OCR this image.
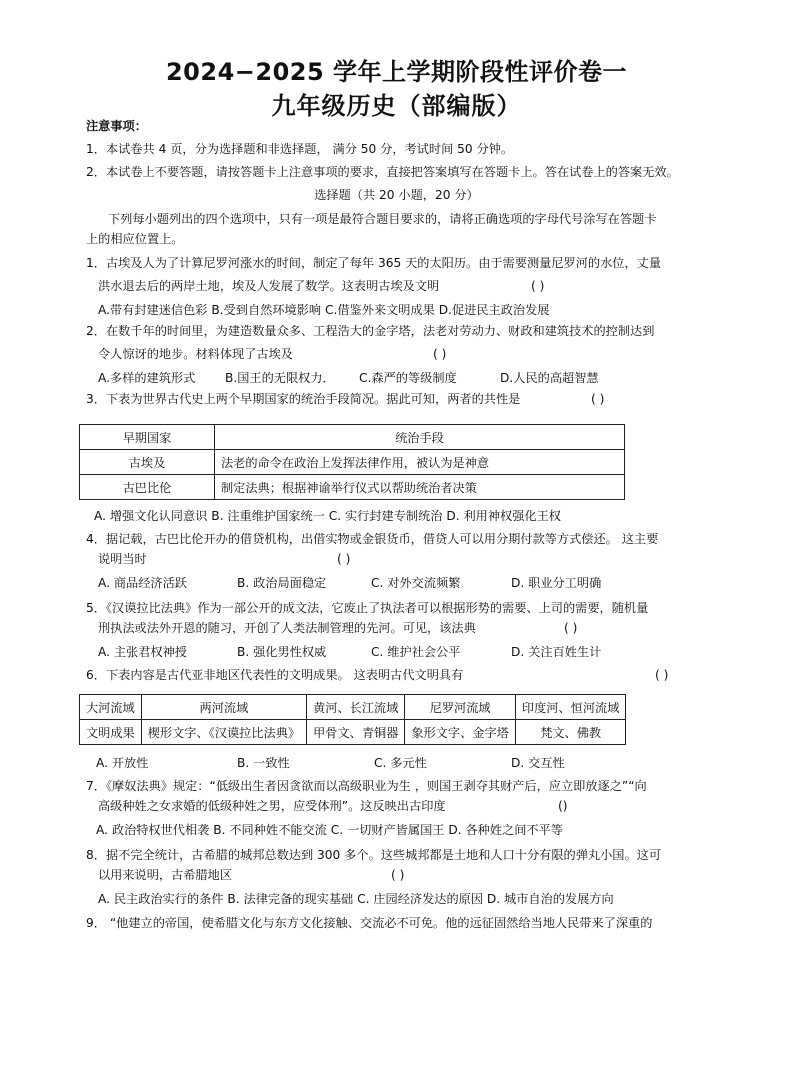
2024−2025 学年上学期阶段性评价卷一
九年级历史（部编版）
注意事项：
1．本试卷共 4 页，分为选择题和非选择题， 满分 50 分，考试时间 50 分钟。
2．本试卷上不要答题，请按答题卡上注意事项的要求，直接把答案填写在答题卡上。答在试卷上的答案无效。
选择题（共 20 小题，20 分）
下列每小题列出的四个选项中，只有一项是最符合题目要求的，请将正确选项的字母代号涂写在答题卡
上的相应位置上。
1．古埃及人为了计算尼罗河涨水的时间，制定了每年 365 天的太阳历。由于需要测量尼罗河的水位，丈量
洪水退去后的两岸土地，埃及人发展了数学。这表明古埃及文明	( )
A.带有封建迷信色彩 B.受到自然环境影响 C.借鉴外来文明成果 D.促进民主政治发展
2．在数千年的时间里，为建造数量众多、工程浩大的金字塔，法老对劳动力、财政和建筑技术的控制达到
令人惊讶的地步。材料体现了古埃及	( )
A.多样的建筑形式 B.国王的无限权力． C.森严的等级制度	D.人民的高超智慧
3．下表为世界古代史上两个早期国家的统治手段简况。据此可知，两者的共性是	( )
早期国家	统治手段
古埃及	法老的命令在政治上发挥法律作用，被认为是神意
古巴比伦	制定法典；根据神谕举行仪式以帮助统治者决策
A. 增强文化认同意识 B. 注重维护国家统一 C. 实行封建专制统治 D. 利用神权强化王权
4．据记载，古巴比伦开办的借贷机构，出借实物或金银货币，借贷人可以用分期付款等方式偿还。 这主要
说明当时	( )
A. 商品经济活跃	B. 政治局面稳定	C. 对外交流频繁	D. 职业分工明确
5．《汉谟拉比法典》作为一部公开的成文法，它废止了执法者可以根据形势的需要、上司的需要，随机量
刑执法或法外开恩的随习，开创了人类法制管理的先河。可见，该法典	( )
A. 主张君权神授	B. 强化男性权威	C. 维护社会公平	D. 关注百姓生计
6．下表内容是古代亚非地区代表性的文明成果。 这表明古代文明具有	( )
大河流域	两河流域	黄河、长江流域	尼罗河流域	印度河、恒河流域
文明成果	楔形文字、《汉谟拉比法典》	甲骨文、青铜器	象形文字、金字塔	梵文、佛教
A. 开放性	B. 一致性	C. 多元性	D. 交互性
7．《摩奴法典》规定：“低级出生者因贪欲而以高级职业为生 ，则国王剥夺其财产后，应立即放逐之”“向
高级种姓之女求婚的低级种姓之男，应受体刑”。这反映出古印度	()
A. 政治特权世代相袭 B. 不同种姓不能交流 C. 一切财产皆属国王 D. 各种姓之间不平等
8．据不完全统计，古希腊的城邦总数达到 300 多个。这些城邦都是土地和人口十分有限的弹丸小国。这可
以用来说明，古希腊地区	( )
A. 民主政治实行的条件 B. 法律完备的现实基础 C. 庄园经济发达的原因 D. 城市自治的发展方向
9． “他建立的帝国，使希腊文化与东方文化接触、交流必不可免。他的远征固然给当地人民带来了深重的
